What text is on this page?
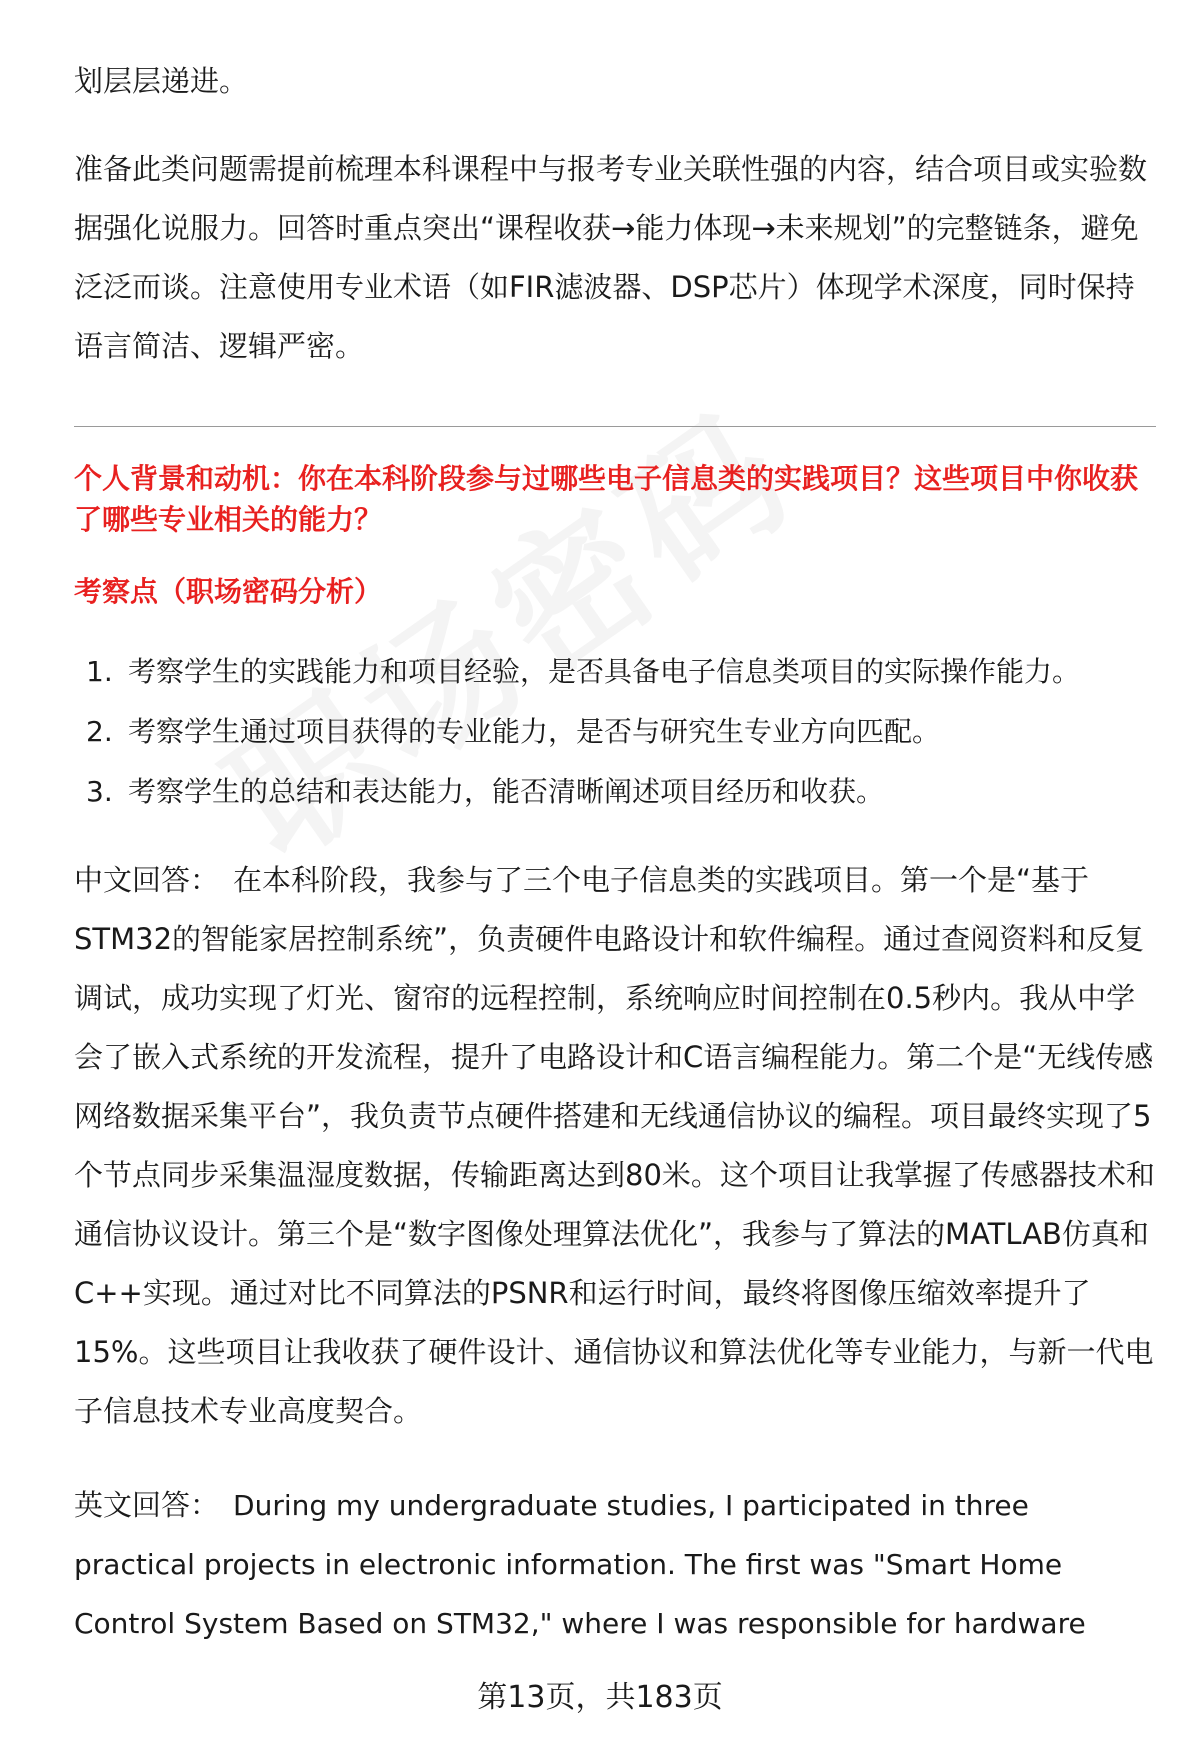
划层层递进。

准备此类问题需提前梳理本科课程中与报考专业关联性强的内容，结合项目或实验数据强化说服力。回答时重点突出“课程收获→能力体现→未来规划”的完整链条，避免泛泛而谈。注意使用专业术语（如FIR滤波器、DSP芯片）体现学术深度，同时保持语言简洁、逻辑严密。

个人背景和动机：你在本科阶段参与过哪些电子信息类的实践项目？这些项目中你收获了哪些专业相关的能力？

考察点（职场密码分析）

1. 考察学生的实践能力和项目经验，是否具备电子信息类项目的实际操作能力。
2. 考察学生通过项目获得的专业能力，是否与研究生专业方向匹配。
3. 考察学生的总结和表达能力，能否清晰阐述项目经历和收获。

中文回答： 在本科阶段，我参与了三个电子信息类的实践项目。第一个是“基于STM32的智能家居控制系统”，负责硬件电路设计和软件编程。通过查阅资料和反复调试，成功实现了灯光、窗帘的远程控制，系统响应时间控制在0.5秒内。我从中学会了嵌入式系统的开发流程，提升了电路设计和C语言编程能力。第二个是“无线传感网络数据采集平台”，我负责节点硬件搭建和无线通信协议的编程。项目最终实现了5个节点同步采集温湿度数据，传输距离达到80米。这个项目让我掌握了传感器技术和通信协议设计。第三个是“数字图像处理算法优化”，我参与了算法的MATLAB仿真和C++实现。通过对比不同算法的PSNR和运行时间，最终将图像压缩效率提升了15%。这些项目让我收获了硬件设计、通信协议和算法优化等专业能力，与新一代电子信息技术专业高度契合。

英文回答： During my undergraduate studies, I participated in three practical projects in electronic information. The first was "Smart Home Control System Based on STM32," where I was responsible for hardware

第13页，共183页
